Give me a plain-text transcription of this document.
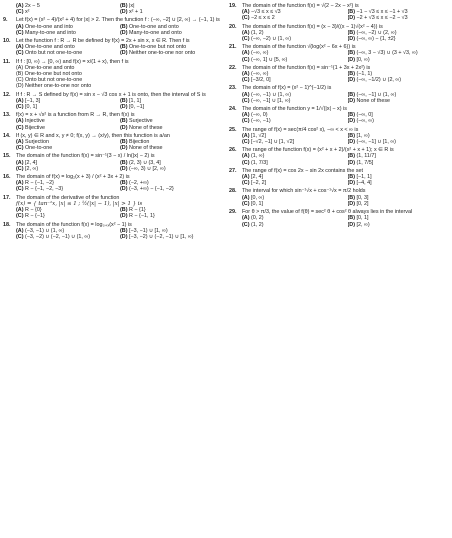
(A) 2x − 5	(B) |x|
(C) x²	(D) x² + 1
9.	Let f(x) = (x² − 4)/(x² + 4) for |x| > 2. Then the function f : (−∞, −2] ∪ [2, ∞) → (−1, 1) is
(A) One-to-one and into	(B) One-to-one and onto
(C) Many-to-one and into	(D) Many-to-one and onto
10.	Let the function f : R → R be defined by f(x) = 2x + sin x, x ∈ R. Then f is
(A) One-to-one and onto	(B) One-to-one but not onto
(C) Onto but not one-to-one	(D) Neither one-to-one nor onto
11.	If f : [0, ∞) → [0, ∞) and f(x) = x/(1 + x), then f is
(A) One-to-one and onto
(B) One-to-one but not onto
(C) Onto but not one-to-one
(D) Neither one-to-one nor onto
12.	If f : R → S defined by f(x) = sin x − √3 cos x + 1 is onto, then the interval of S is
(A) [−1, 3]	(B) [1, 1]
(C) [0, 1]	(D) [0, −1]
13.	f(x) = x + √x² is a function from R → R, then f(x) is
(A) Injective	(B) Surjective
(C) Bijective	(D) None of these
14.	If (x, y) ∈ R and x, y ≠ 0; f(x, y) → (x/y), then this function is a/an
(A) Surjection	(B) Bijection
(C) One-to-one	(D) None of these
15.	The domain of the function f(x) = sin⁻¹(3 − x) / ln(|x| − 2) is
(A) [2, 4]	(B) (2, 3) ∪ (3, 4]
(C) [2, ∞)	(D) (−∞, 3) ∪ [2, ∞)
16.	The domain of f(x) = log₂(x + 3) / (x² + 3x + 2) is
(A) R − {−1, −2}	(B) (−2, +∞)
(C) R − {−1, −2, −3}	(D) (−3, +∞) − {−1, −2}
17.	The domain of the derivative of the function
f(x) = { tan⁻¹x, |x| ≤ 1 ; ½(|x| − 1), |x| > 1 } is
(A) R − {0}	(B) R − {1}
(C) R − {−1}	(D) R − {−1, 1}
18.	The domain of the function f(x) = log₃₊ₓ(x² − 1) is
(A) (−3, −1) ∪ (1, ∞)	(B) [−3, −1) ∪ [1, ∞)
(C) (−3, −2) ∪ (−2, −1) ∪ (1, ∞)	(D) [−3, −2) ∪ (−2, −1) ∪ [1, ∞)
19.	The domain of the function f(x) = √(2 − 2x − x²) is
(A) −√3 ≤ x ≤ √3	(B) −1 − √3 ≤ x ≤ −1 + √3
(C) −2 ≤ x ≤ 2	(D) −2 + √3 ≤ x ≤ −2 − √3
20.	The domain of the function f(x) = (x − 3)/((x − 1)√(x² − 4)) is
(A) (1, 2)	(B) (−∞, −2) ∪ (2, ∞)
(C) (−∞, −2) ∪ (1, ∞)	(D) (−∞, ∞) − {1, ±2}
21.	The domain of the function √(log(x² − 6x + 6)) is
(A) (−∞, ∞)	(B) (−∞, 3 − √3) ∪ (3 + √3, ∞)
(C) (−∞, 1] ∪ [5, ∞)	(D) [0, ∞)
22.	The domain of the function f(x) = sin⁻¹(1 + 3x + 2x²) is
(A) (−∞, ∞)	(B) (−1, 1)
(C) [−3/2, 0]	(D) (−∞, −1/2) ∪ (2, ∞)
23.	The domain of f(x) = (x² − 1)^(−1/2) is
(A) (−∞, −1) ∪ (1, ∞)	(B) (−∞, −1] ∪ (1, ∞)
(C) (−∞, −1] ∪ [1, ∞)	(D) None of these
24.	The domain of the function y = 1/√(|x| − x) is
(A) (−∞, 0)	(B) (−∞, 0]
(C) (−∞, −1)	(D) (−∞, ∞)
25.	The range of f(x) = sec(π/4 cos² x), −∞ < x < ∞ is
(A) [1, √2]	(B) [1, ∞)
(C) [−√2, −1] ∪ [1, √2]	(D) (−∞, −1] ∪ [1, ∞)
26.	The range of the function f(x) = (x² + x + 2)/(x² + x + 1); x ∈ R is
(A) (1, ∞)	(B) (1, 11/7]
(C) (1, 7/3]	(D) (1, 7/5]
27.	The range of f(x) = cos 2x − sin 2x contains the set
(A) [2, 4]	(B) [−1, 1]
(C) [−2, 2]	(D) [−4, 4]
28.	The interval for which sin⁻¹√x + cos⁻¹√x = π/2 holds
(A) [0, ∞)	(B) [0, 3]
(C) [0, 1]	(D) [0, 2]
29.	For θ > π/3, the value of f(θ) = sec² θ + cos² θ always lies in the interval
(A) (0, 2)	(B) [0, 1]
(C) (1, 2)	(D) [2, ∞)
